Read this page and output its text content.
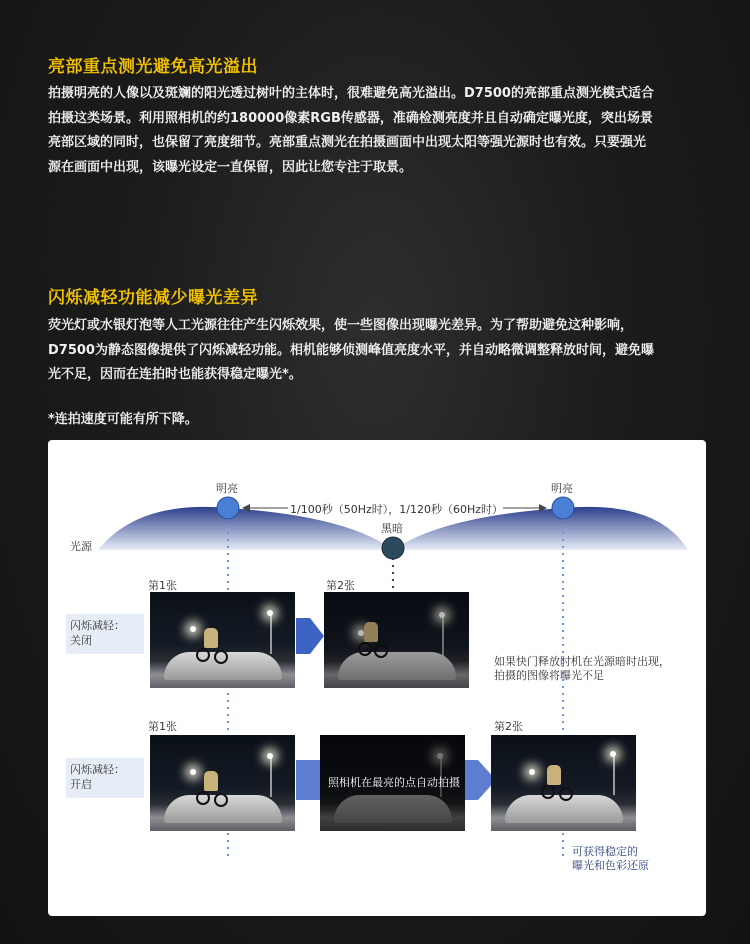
亮部重点测光避免高光溢出

拍摄明亮的人像以及斑斓的阳光透过树叶的主体时，很难避免高光溢出。D7500的亮部重点测光模式适合
拍摄这类场景。利用照相机的约180000像素RGB传感器，准确检测亮度并且自动确定曝光度，突出场景
亮部区域的同时，也保留了亮度细节。亮部重点测光在拍摄画面中出现太阳等强光源时也有效。只要强光
源在画面中出现，该曝光设定一直保留，因此让您专注于取景。

闪烁减轻功能减少曝光差异

荧光灯或水银灯泡等人工光源往往产生闪烁效果，使一些图像出现曝光差异。为了帮助避免这种影响，
D7500为静态图像提供了闪烁减轻功能。相机能够侦测峰值亮度水平，并自动略微调整释放时间，避免曝
光不足，因而在连拍时也能获得稳定曝光*。

*连拍速度可能有所下降。

明亮	明亮
1/100秒（50Hz时），1/120秒（60Hz时）
黑暗
光源
第1张	第2张
第1张	第2张
闪烁减轻：
关闭
闪烁减轻：
开启
如果快门释放时机在光源暗时出现，
拍摄的图像将曝光不足
照相机在最亮的点自动拍摄
可获得稳定的
曝光和色彩还原
